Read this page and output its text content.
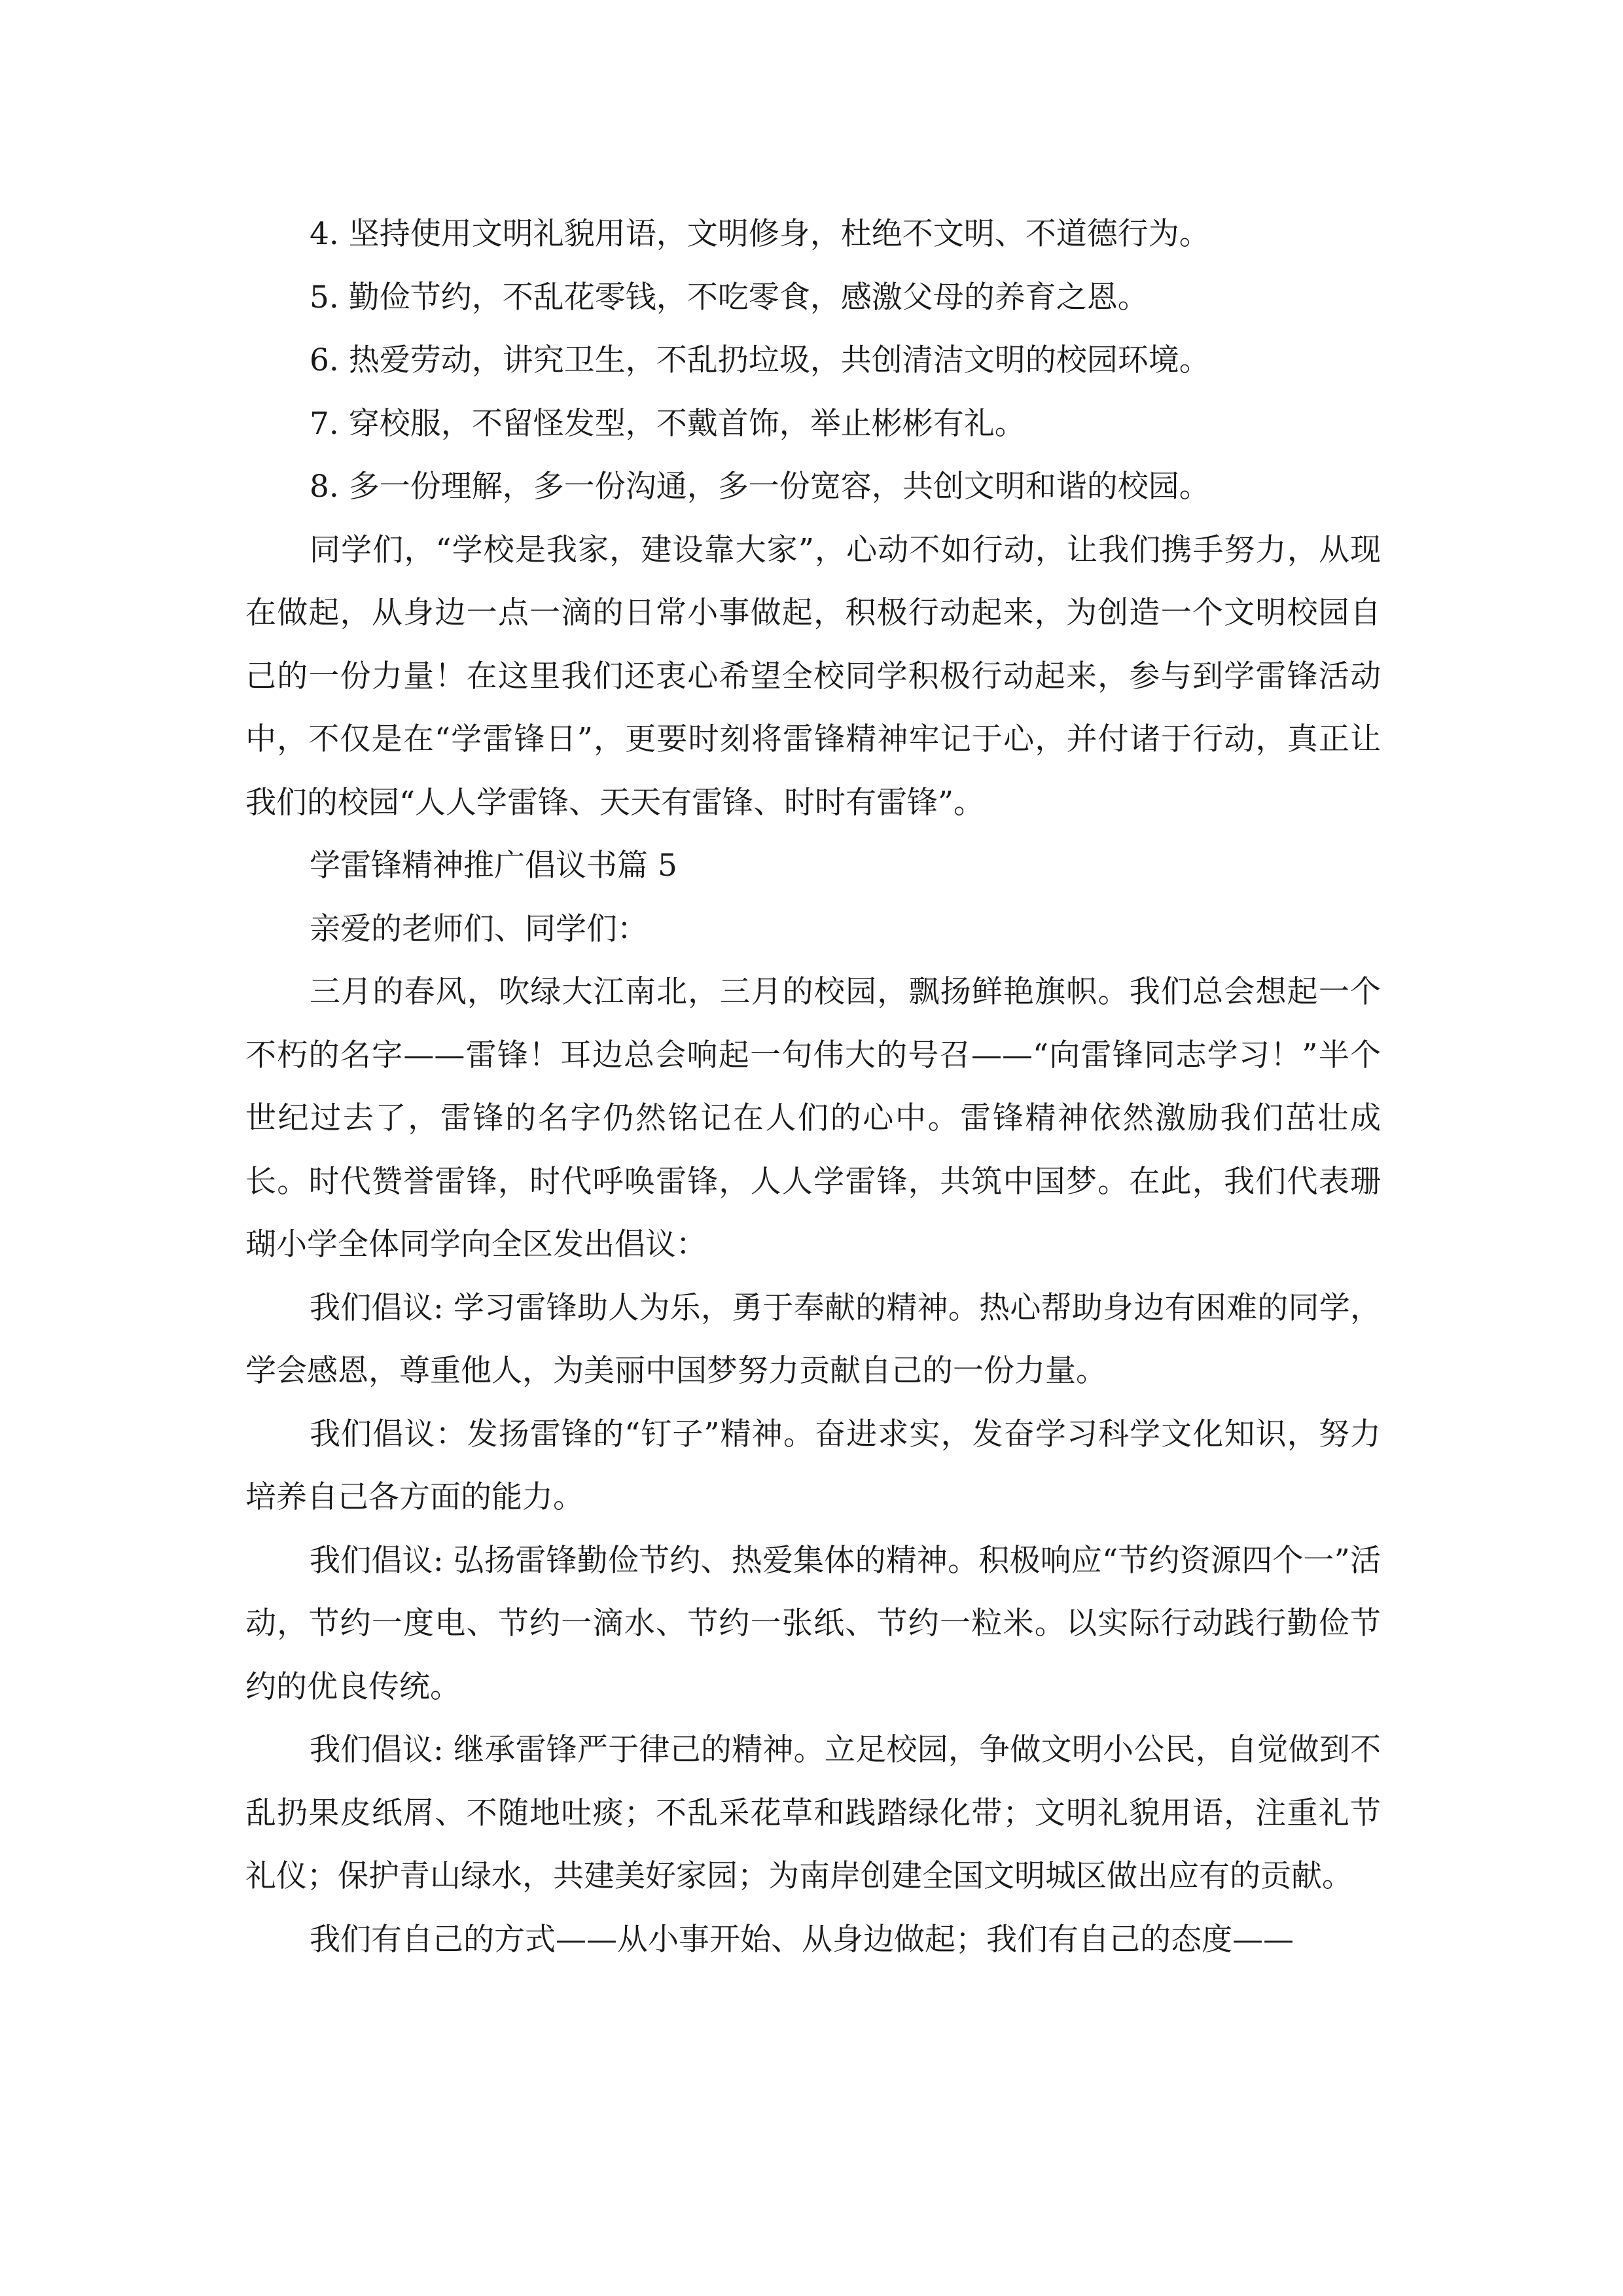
4. 坚持使用文明礼貌用语，文明修身，杜绝不文明、不道德行为。

5. 勤俭节约，不乱花零钱，不吃零食，感激父母的养育之恩。

6. 热爱劳动，讲究卫生，不乱扔垃圾，共创清洁文明的校园环境。

7. 穿校服，不留怪发型，不戴首饰，举止彬彬有礼。

8. 多一份理解，多一份沟通，多一份宽容，共创文明和谐的校园。

同学们，“学校是我家，建设靠大家”，心动不如行动，让我们携手努力，从现在做起，从身边一点一滴的日常小事做起，积极行动起来，为创造一个文明校园自己的一份力量！在这里我们还衷心希望全校同学积极行动起来，参与到学雷锋活动中，不仅是在“学雷锋日”，更要时刻将雷锋精神牢记于心，并付诸于行动，真正让我们的校园“人人学雷锋、天天有雷锋、时时有雷锋”。

学雷锋精神推广倡议书篇 5

亲爱的老师们、同学们：

三月的春风，吹绿大江南北，三月的校园，飘扬鲜艳旗帜。我们总会想起一个不朽的名字——雷锋！耳边总会响起一句伟大的号召——“向雷锋同志学习！”半个世纪过去了，雷锋的名字仍然铭记在人们的心中。雷锋精神依然激励我们茁壮成长。时代赞誉雷锋，时代呼唤雷锋，人人学雷锋，共筑中国梦。在此，我们代表珊瑚小学全体同学向全区发出倡议：

我们倡议: 学习雷锋助人为乐，勇于奉献的精神。热心帮助身边有困难的同学，学会感恩，尊重他人，为美丽中国梦努力贡献自己的一份力量。

我们倡议：发扬雷锋的“钉子”精神。奋进求实，发奋学习科学文化知识，努力培养自己各方面的能力。

我们倡议: 弘扬雷锋勤俭节约、热爱集体的精神。积极响应“节约资源四个一”活动，节约一度电、节约一滴水、节约一张纸、节约一粒米。以实际行动践行勤俭节约的优良传统。

我们倡议: 继承雷锋严于律己的精神。立足校园，争做文明小公民，自觉做到不乱扔果皮纸屑、不随地吐痰；不乱采花草和践踏绿化带；文明礼貌用语，注重礼节礼仪；保护青山绿水，共建美好家园；为南岸创建全国文明城区做出应有的贡献。

我们有自己的方式——从小事开始、从身边做起；我们有自己的态度——
